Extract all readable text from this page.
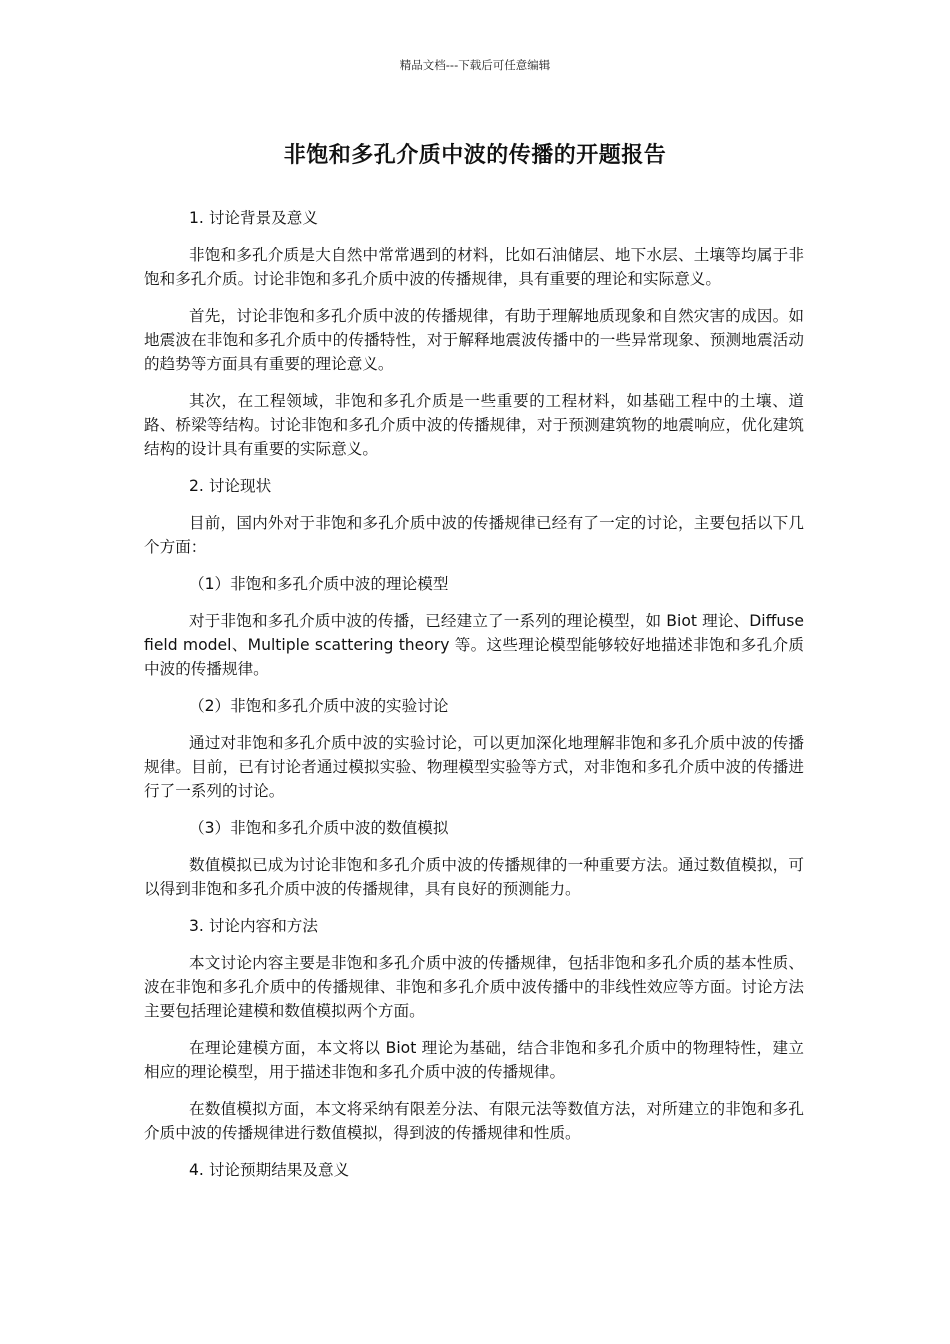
精品文档---下载后可任意编辑
非饱和多孔介质中波的传播的开题报告

1. 讨论背景及意义

非饱和多孔介质是大自然中常常遇到的材料，比如石油储层、地下水层、土壤等均属于非饱和多孔介质。讨论非饱和多孔介质中波的传播规律，具有重要的理论和实际意义。

首先，讨论非饱和多孔介质中波的传播规律，有助于理解地质现象和自然灾害的成因。如地震波在非饱和多孔介质中的传播特性，对于解释地震波传播中的一些异常现象、预测地震活动的趋势等方面具有重要的理论意义。

其次，在工程领域，非饱和多孔介质是一些重要的工程材料，如基础工程中的土壤、道路、桥梁等结构。讨论非饱和多孔介质中波的传播规律，对于预测建筑物的地震响应，优化建筑结构的设计具有重要的实际意义。

2. 讨论现状

目前，国内外对于非饱和多孔介质中波的传播规律已经有了一定的讨论，主要包括以下几个方面：

（1）非饱和多孔介质中波的理论模型

对于非饱和多孔介质中波的传播，已经建立了一系列的理论模型，如 Biot 理论、Diffuse field model、Multiple scattering theory 等。这些理论模型能够较好地描述非饱和多孔介质中波的传播规律。

（2）非饱和多孔介质中波的实验讨论

通过对非饱和多孔介质中波的实验讨论，可以更加深化地理解非饱和多孔介质中波的传播规律。目前，已有讨论者通过模拟实验、物理模型实验等方式，对非饱和多孔介质中波的传播进行了一系列的讨论。

（3）非饱和多孔介质中波的数值模拟

数值模拟已成为讨论非饱和多孔介质中波的传播规律的一种重要方法。通过数值模拟，可以得到非饱和多孔介质中波的传播规律，具有良好的预测能力。

3. 讨论内容和方法

本文讨论内容主要是非饱和多孔介质中波的传播规律，包括非饱和多孔介质的基本性质、波在非饱和多孔介质中的传播规律、非饱和多孔介质中波传播中的非线性效应等方面。讨论方法主要包括理论建模和数值模拟两个方面。

在理论建模方面，本文将以 Biot 理论为基础，结合非饱和多孔介质中的物理特性，建立相应的理论模型，用于描述非饱和多孔介质中波的传播规律。

在数值模拟方面，本文将采纳有限差分法、有限元法等数值方法，对所建立的非饱和多孔介质中波的传播规律进行数值模拟，得到波的传播规律和性质。

4. 讨论预期结果及意义
